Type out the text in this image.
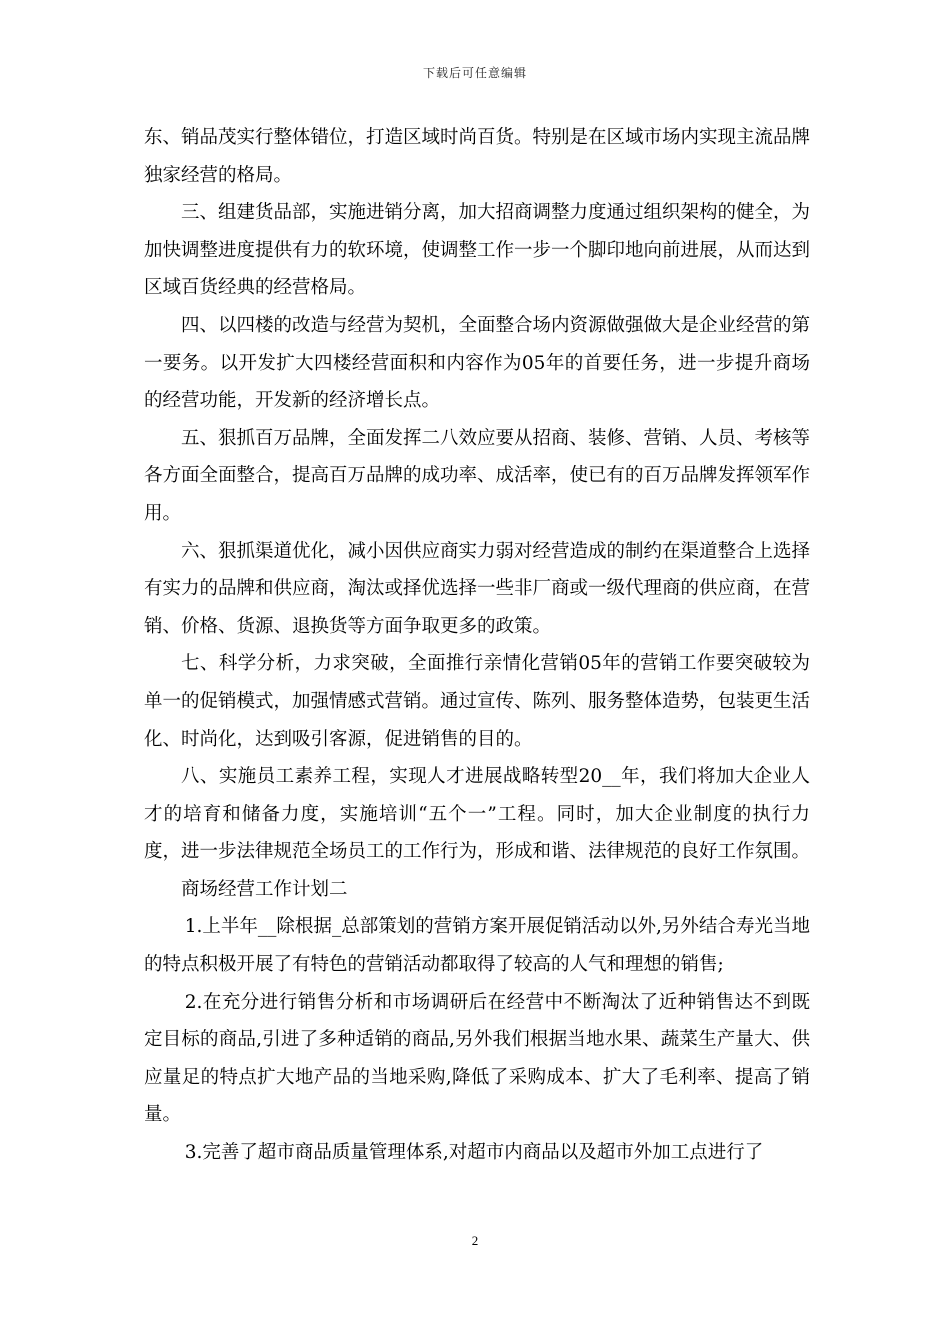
下载后可任意编辑

东、销品茂实行整体错位，打造区域时尚百货。特别是在区域市场内实现主流品牌独家经营的格局。

三、组建货品部，实施进销分离，加大招商调整力度通过组织架构的健全，为加快调整进度提供有力的软环境，使调整工作一步一个脚印地向前进展，从而达到区域百货经典的经营格局。

四、以四楼的改造与经营为契机，全面整合场内资源做强做大是企业经营的第一要务。以开发扩大四楼经营面积和内容作为05年的首要任务，进一步提升商场的经营功能，开发新的经济增长点。

五、狠抓百万品牌，全面发挥二八效应要从招商、装修、营销、人员、考核等各方面全面整合，提高百万品牌的成功率、成活率，使已有的百万品牌发挥领军作用。

六、狠抓渠道优化，减小因供应商实力弱对经营造成的制约在渠道整合上选择有实力的品牌和供应商，淘汰或择优选择一些非厂商或一级代理商的供应商，在营销、价格、货源、退换货等方面争取更多的政策。

七、科学分析，力求突破，全面推行亲情化营销05年的营销工作要突破较为单一的促销模式，加强情感式营销。通过宣传、陈列、服务整体造势，包装更生活化、时尚化，达到吸引客源，促进销售的目的。

八、实施员工素养工程，实现人才进展战略转型20__年，我们将加大企业人才的培育和储备力度，实施培训“五个一”工程。同时，加大企业制度的执行力度，进一步法律规范全场员工的工作行为，形成和谐、法律规范的良好工作氛围。

商场经营工作计划二

1.上半年__除根据_总部策划的营销方案开展促销活动以外,另外结合寿光当地的特点积极开展了有特色的营销活动都取得了较高的人气和理想的销售;

2.在充分进行销售分析和市场调研后在经营中不断淘汰了近种销售达不到既定目标的商品,引进了多种适销的商品,另外我们根据当地水果、蔬菜生产量大、供应量足的特点扩大地产品的当地采购,降低了采购成本、扩大了毛利率、提高了销量。

3.完善了超市商品质量管理体系,对超市内商品以及超市外加工点进行了

2
